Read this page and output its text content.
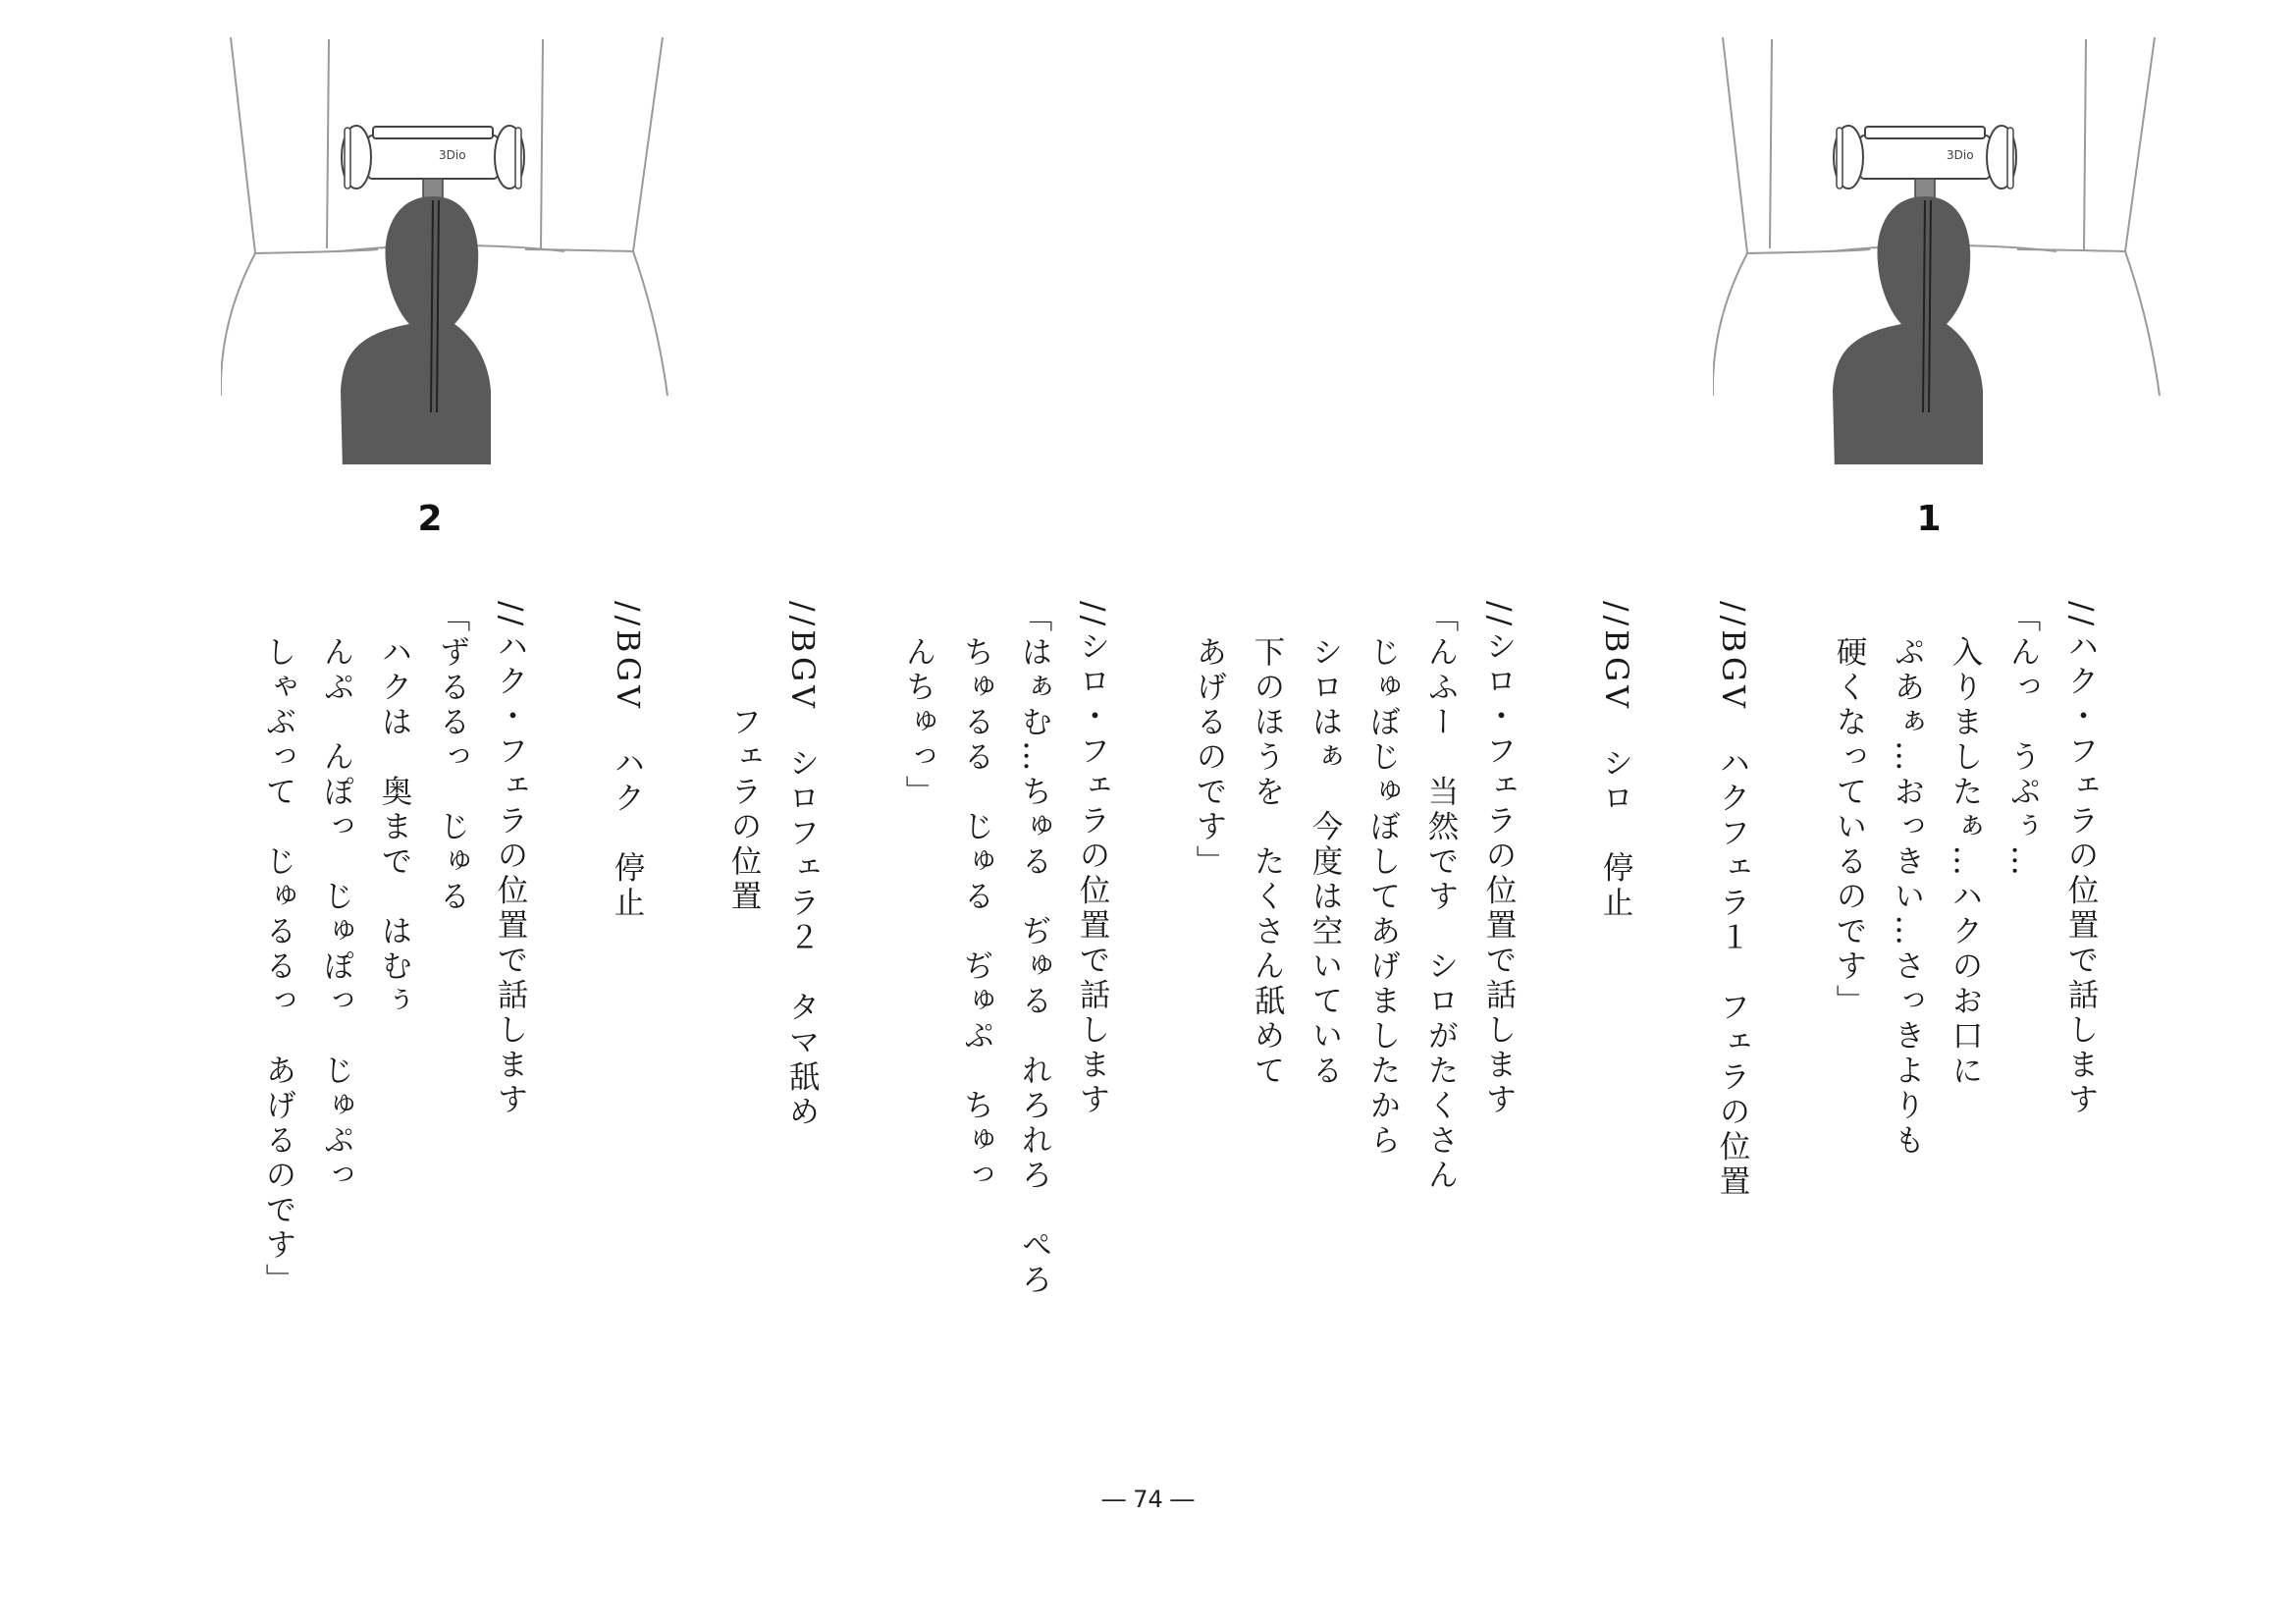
3Dio
3Dio
1
2
//ハク・フェラの位置で話します
「んっ　うぷぅ…
　入りましたぁ…ハクのお口に
　ぷあぁ…おっきい…さっきよりも
　硬くなっているのです」
//BGV　ハクフェラ１　フェラの位置
//BGV　シロ　停止
//シロ・フェラの位置で話します
「んふー　当然です　シロがたくさん
　じゅぼじゅぼしてあげましたから
　シロはぁ　今度は空いている
　下のほうを　たくさん舐めて
　あげるのです」
//シロ・フェラの位置で話します
「はぁむ…ちゅる　ぢゅる　れろれろ　ぺろ
　ちゅるる　じゅる　ぢゅぷ　ちゅっ
　んちゅっ」
//BGV　シロフェラ２　タマ舐め
　　　フェラの位置
//BGV　ハク　停止
//ハク・フェラの位置で話します
「ずるるっ　じゅる
　ハクは　奥まで　はむぅ
　んぷ　んぽっ　じゅぽっ　じゅぷっ
　しゃぶって　じゅるるっ　あげるのです」
― 74 ―
